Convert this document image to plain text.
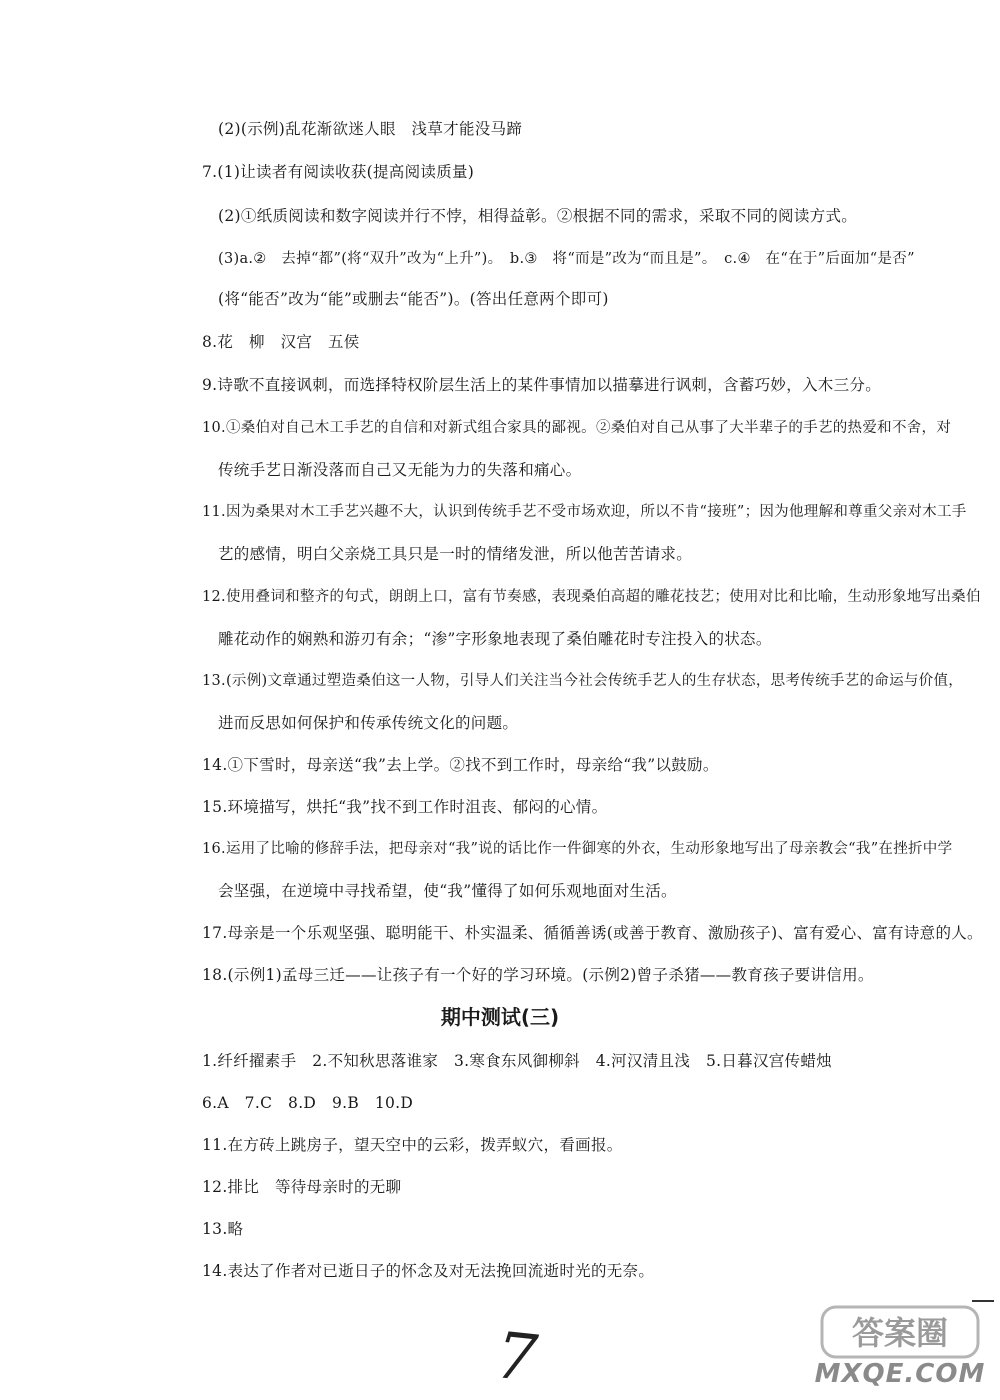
(2)(示例)乱花渐欲迷人眼　浅草才能没马蹄
7.(1)让读者有阅读收获(提高阅读质量)
(2)①纸质阅读和数字阅读并行不悖，相得益彰。②根据不同的需求，采取不同的阅读方式。
(3)a.②　去掉“都”(将“双升”改为“上升”)。　b.③　将“而是”改为“而且是”。　c.④　在“在于”后面加“是否”
(将“能否”改为“能”或删去“能否”)。(答出任意两个即可)
8.花　柳　汉宫　五侯
9.诗歌不直接讽刺，而选择特权阶层生活上的某件事情加以描摹进行讽刺，含蓄巧妙，入木三分。
10.①桑伯对自己木工手艺的自信和对新式组合家具的鄙视。②桑伯对自己从事了大半辈子的手艺的热爱和不舍，对
传统手艺日渐没落而自己又无能为力的失落和痛心。
11.因为桑果对木工手艺兴趣不大，认识到传统手艺不受市场欢迎，所以不肯“接班”；因为他理解和尊重父亲对木工手
艺的感情，明白父亲烧工具只是一时的情绪发泄，所以他苦苦请求。
12.使用叠词和整齐的句式，朗朗上口，富有节奏感，表现桑伯高超的雕花技艺；使用对比和比喻，生动形象地写出桑伯
雕花动作的娴熟和游刃有余；“渗”字形象地表现了桑伯雕花时专注投入的状态。
13.(示例)文章通过塑造桑伯这一人物，引导人们关注当今社会传统手艺人的生存状态，思考传统手艺的命运与价值，
进而反思如何保护和传承传统文化的问题。
14.①下雪时，母亲送“我”去上学。②找不到工作时，母亲给“我”以鼓励。
15.环境描写，烘托“我”找不到工作时沮丧、郁闷的心情。
16.运用了比喻的修辞手法，把母亲对“我”说的话比作一件御寒的外衣，生动形象地写出了母亲教会“我”在挫折中学
会坚强，在逆境中寻找希望，使“我”懂得了如何乐观地面对生活。
17.母亲是一个乐观坚强、聪明能干、朴实温柔、循循善诱(或善于教育、激励孩子)、富有爱心、富有诗意的人。
18.(示例1)孟母三迁——让孩子有一个好的学习环境。(示例2)曾子杀猪——教育孩子要讲信用。
期中测试(三)
1.纤纤擢素手　2.不知秋思落谁家　3.寒食东风御柳斜　4.河汉清且浅　5.日暮汉宫传蜡烛
6.A　7.C　8.D　9.B　10.D
11.在方砖上跳房子，望天空中的云彩，拨弄蚁穴，看画报。
12.排比　等待母亲时的无聊
13.略
14.表达了作者对已逝日子的怀念及对无法挽回流逝时光的无奈。
7	答案圈
MXQE.COM
